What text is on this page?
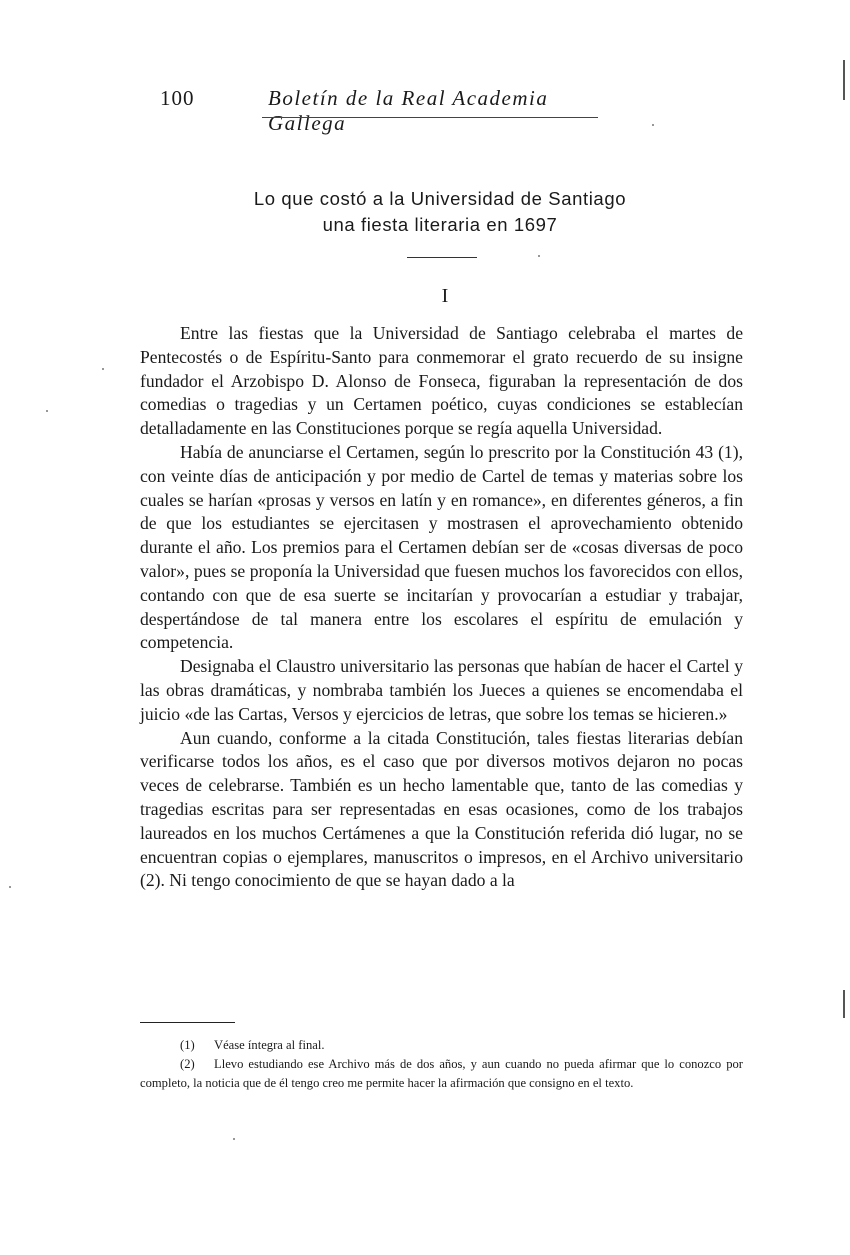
100	Boletín de la Real Academia Gallega
Lo que costó a la Universidad de Santiago
una fiesta literaria en 1697
I

Entre las fiestas que la Universidad de Santiago celebraba el martes de Pentecostés o de Espíritu-Santo para conmemorar el grato recuerdo de su insigne fundador el Arzobispo D. Alonso de Fonseca, figuraban la representación de dos comedias o tragedias y un Certamen poético, cuyas condiciones se establecían detalladamente en las Constituciones porque se regía aquella Universidad.

Había de anunciarse el Certamen, según lo prescrito por la Constitución 43 (1), con veinte días de anticipación y por medio de Cartel de temas y materias sobre los cuales se harían «prosas y versos en latín y en romance», en diferentes géneros, a fin de que los estudiantes se ejercitasen y mostrasen el aprovechamiento obtenido durante el año. Los premios para el Certamen debían ser de «cosas diversas de poco valor», pues se proponía la Universidad que fuesen muchos los favorecidos con ellos, contando con que de esa suerte se incitarían y provocarían a estudiar y trabajar, despertándose de tal manera entre los escolares el espíritu de emulación y competencia.

Designaba el Claustro universitario las personas que habían de hacer el Cartel y las obras dramáticas, y nombraba también los Jueces a quienes se encomendaba el juicio «de las Cartas, Versos y ejercicios de letras, que sobre los temas se hicieren.»

Aun cuando, conforme a la citada Constitución, tales fiestas literarias debían verificarse todos los años, es el caso que por diversos motivos dejaron no pocas veces de celebrarse. También es un hecho lamentable que, tanto de las comedias y tragedias escritas para ser representadas en esas ocasiones, como de los trabajos laureados en los muchos Certámenes a que la Constitución referida dió lugar, no se encuentran copias o ejemplares, manuscritos o impresos, en el Archivo universitario (2). Ni tengo conocimiento de que se hayan dado a la

(1) Véase íntegra al final.

(2) Llevo estudiando ese Archivo más de dos años, y aun cuando no pueda afirmar que lo conozco por completo, la noticia que de él tengo creo me permite hacer la afirmación que consigno en el texto.
